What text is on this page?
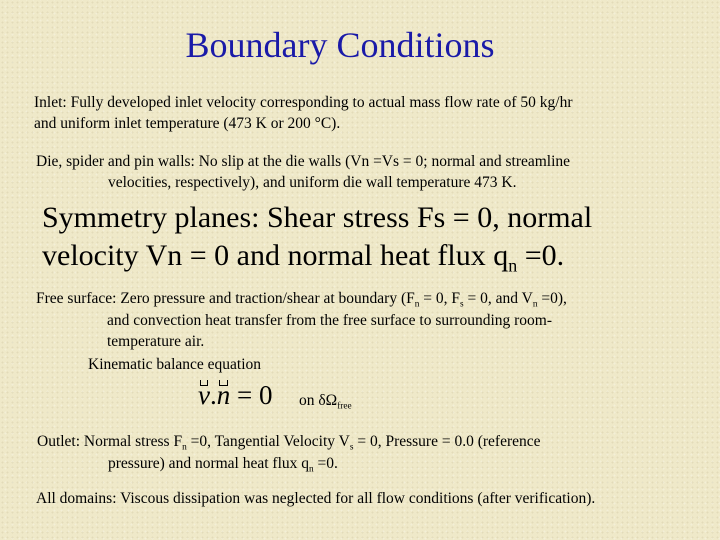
Boundary Conditions
Inlet: Fully developed inlet velocity corresponding to actual mass flow rate of 50 kg/hr
and uniform inlet temperature (473 K or 200 °C).
Die, spider and pin walls: No slip at the die walls (Vn =Vs = 0; normal and streamline
velocities, respectively), and uniform die wall temperature 473 K.
Symmetry planes: Shear stress Fs = 0, normal
velocity Vn = 0 and normal heat flux $q_n =0$.
Free surface: Zero pressure and traction/shear at boundary ($F_n = 0$, $F_s = 0$, and $V_n =0$),
and convection heat transfer from the free surface to surrounding room-
temperature air.
Kinematic balance equation
v.n = 0 on $\delta\Omega_{free}$
Outlet: Normal stress $F_n =0$, Tangential Velocity $V_s = 0$, Pressure = 0.0 (reference
pressure) and normal heat flux $q_n =0$.
All domains: Viscous dissipation was neglected for all flow conditions (after verification).
